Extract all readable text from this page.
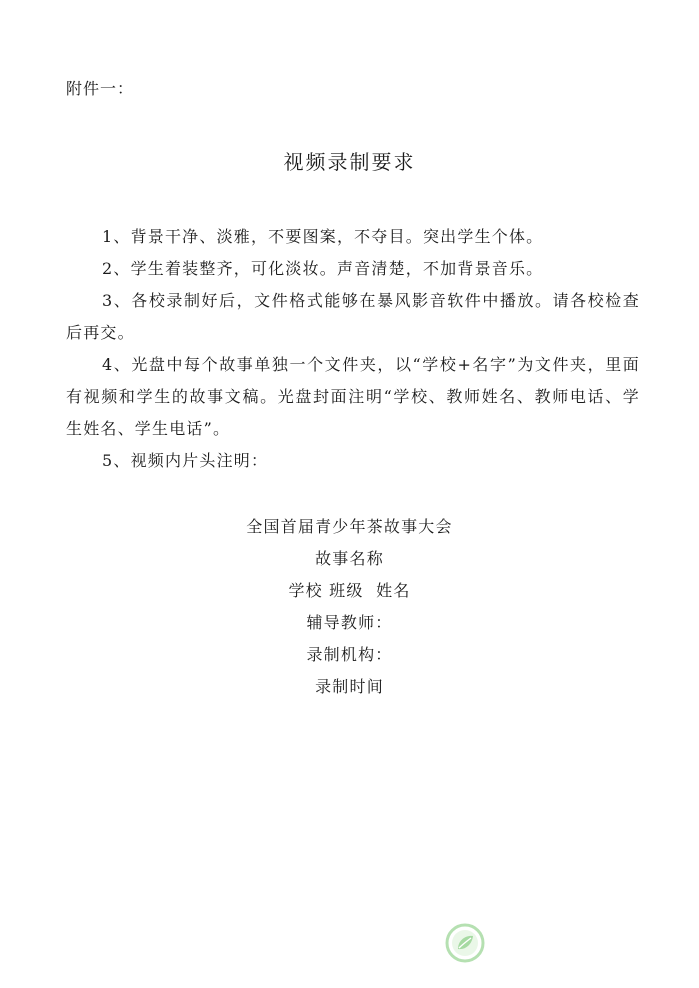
附件一：
视频录制要求

1、背景干净、淡雅，不要图案，不夺目。突出学生个体。

2、学生着装整齐，可化淡妆。声音清楚，不加背景音乐。

3、各校录制好后，文件格式能够在暴风影音软件中播放。请各校检查后再交。

4、光盘中每个故事单独一个文件夹，以“学校+名字”为文件夹，里面有视频和学生的故事文稿。光盘封面注明“学校、教师姓名、教师电话、学生姓名、学生电话”。

5、视频内片头注明：

全国首届青少年茶故事大会
故事名称
学校 班级  姓名
辅导教师：
录制机构：
录制时间
